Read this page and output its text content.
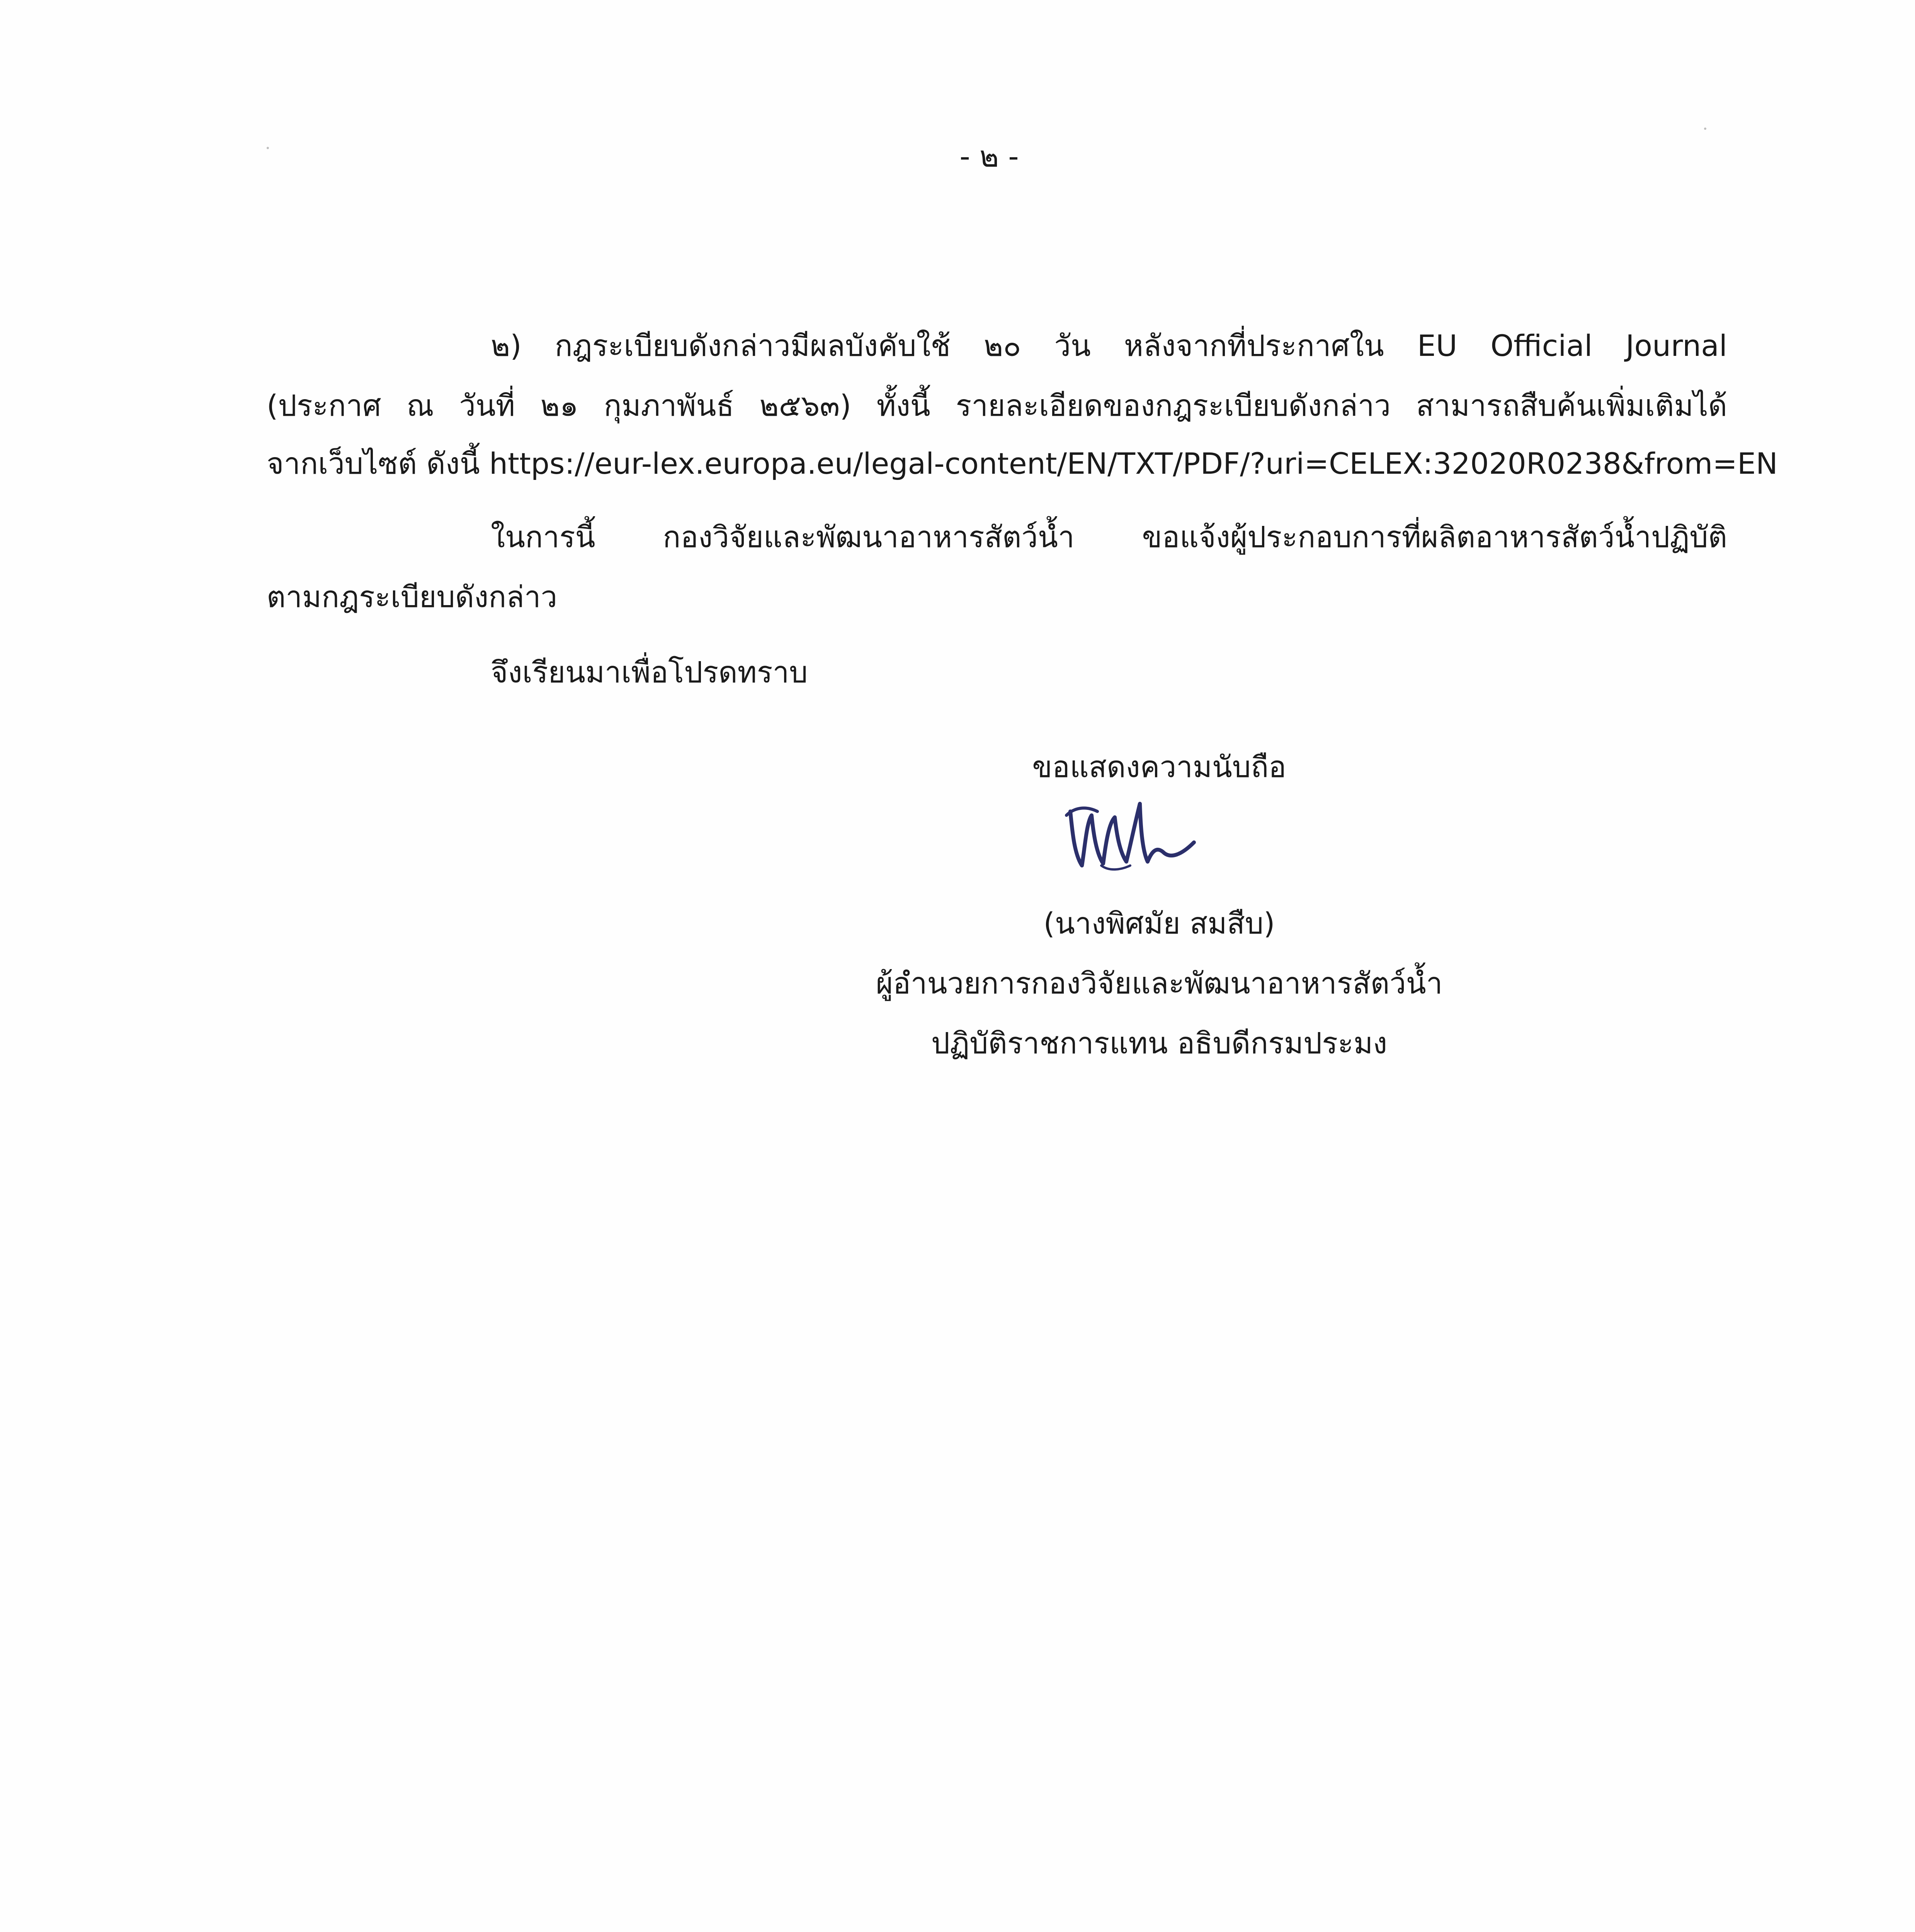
- ๒ -
๒) กฎระเบียบดังกล่าวมีผลบังคับใช้ ๒๐ วัน หลังจากที่ประกาศใน EU Official Journal
(ประกาศ ณ วันที่ ๒๑ กุมภาพันธ์ ๒๕๖๓) ทั้งนี้ รายละเอียดของกฎระเบียบดังกล่าว สามารถสืบค้นเพิ่มเติมได้
จากเว็บไซต์ ดังนี้ https://eur-lex.europa.eu/legal-content/EN/TXT/PDF/?uri=CELEX:32020R0238&from=EN
ในการนี้ กองวิจัยและพัฒนาอาหารสัตว์น้ำ ขอแจ้งผู้ประกอบการที่ผลิตอาหารสัตว์น้ำปฏิบัติ
ตามกฎระเบียบดังกล่าว
จึงเรียนมาเพื่อโปรดทราบ
ขอแสดงความนับถือ
(นางพิศมัย สมสืบ)
ผู้อำนวยการกองวิจัยและพัฒนาอาหารสัตว์น้ำ
ปฏิบัติราชการแทน อธิบดีกรมประมง
